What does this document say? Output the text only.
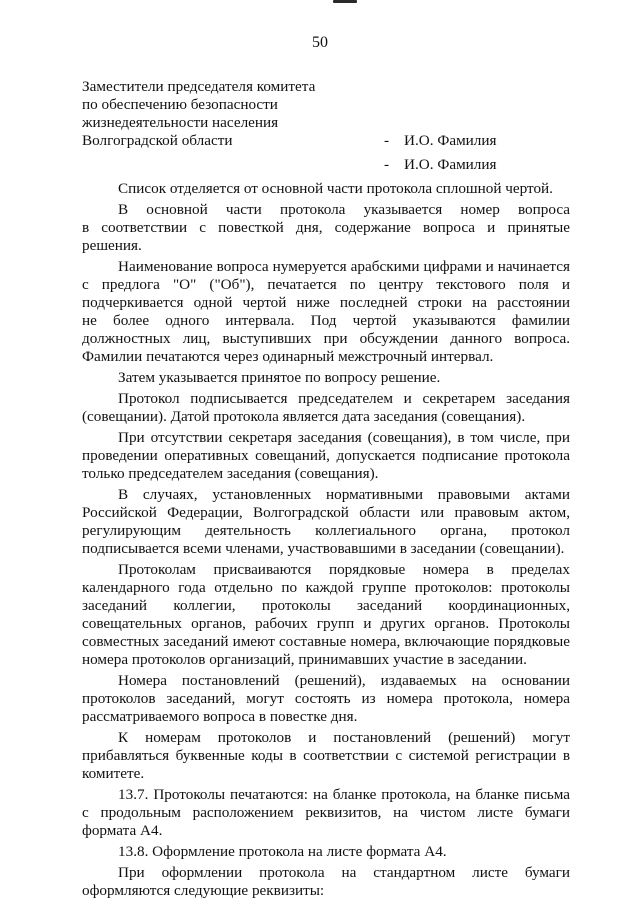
50
Заместители председателя комитета
по обеспечению безопасности
жизнедеятельности населения
Волгоградской области	- И.О. Фамилия
- И.О. Фамилия
Список отделяется от основной части протокола сплошной чертой.
В основной части протокола указывается номер вопроса
в соответствии с повесткой дня, содержание вопроса и принятые
решения.
Наименование вопроса нумеруется арабскими цифрами и начинается
с предлога "О" ("Об"), печатается по центру текстового поля и
подчеркивается одной чертой ниже последней строки на расстоянии
не более одного интервала. Под чертой указываются фамилии
должностных лиц, выступивших при обсуждении данного вопроса.
Фамилии печатаются через одинарный межстрочный интервал.
Затем указывается принятое по вопросу решение.
Протокол подписывается председателем и секретарем заседания
(совещании). Датой протокола является дата заседания (совещания).
При отсутствии секретаря заседания (совещания), в том числе, при
проведении оперативных совещаний, допускается подписание протокола
только председателем заседания (совещания).
В случаях, установленных нормативными правовыми актами
Российской Федерации, Волгоградской области или правовым актом,
регулирующим деятельность коллегиального органа, протокол
подписывается всеми членами, участвовавшими в заседании (совещании).
Протоколам присваиваются порядковые номера в пределах
календарного года отдельно по каждой группе протоколов: протоколы
заседаний коллегии, протоколы заседаний координационных,
совещательных органов, рабочих групп и других органов. Протоколы
совместных заседаний имеют составные номера, включающие порядковые
номера протоколов организаций, принимавших участие в заседании.
Номера постановлений (решений), издаваемых на основании
протоколов заседаний, могут состоять из номера протокола, номера
рассматриваемого вопроса в повестке дня.
К номерам протоколов и постановлений (решений) могут
прибавляться буквенные коды в соответствии с системой регистрации в
комитете.
13.7. Протоколы печатаются: на бланке протокола, на бланке письма
с продольным расположением реквизитов, на чистом листе бумаги
формата А4.
13.8. Оформление протокола на листе формата А4.
При оформлении протокола на стандартном листе бумаги
оформляются следующие реквизиты:
